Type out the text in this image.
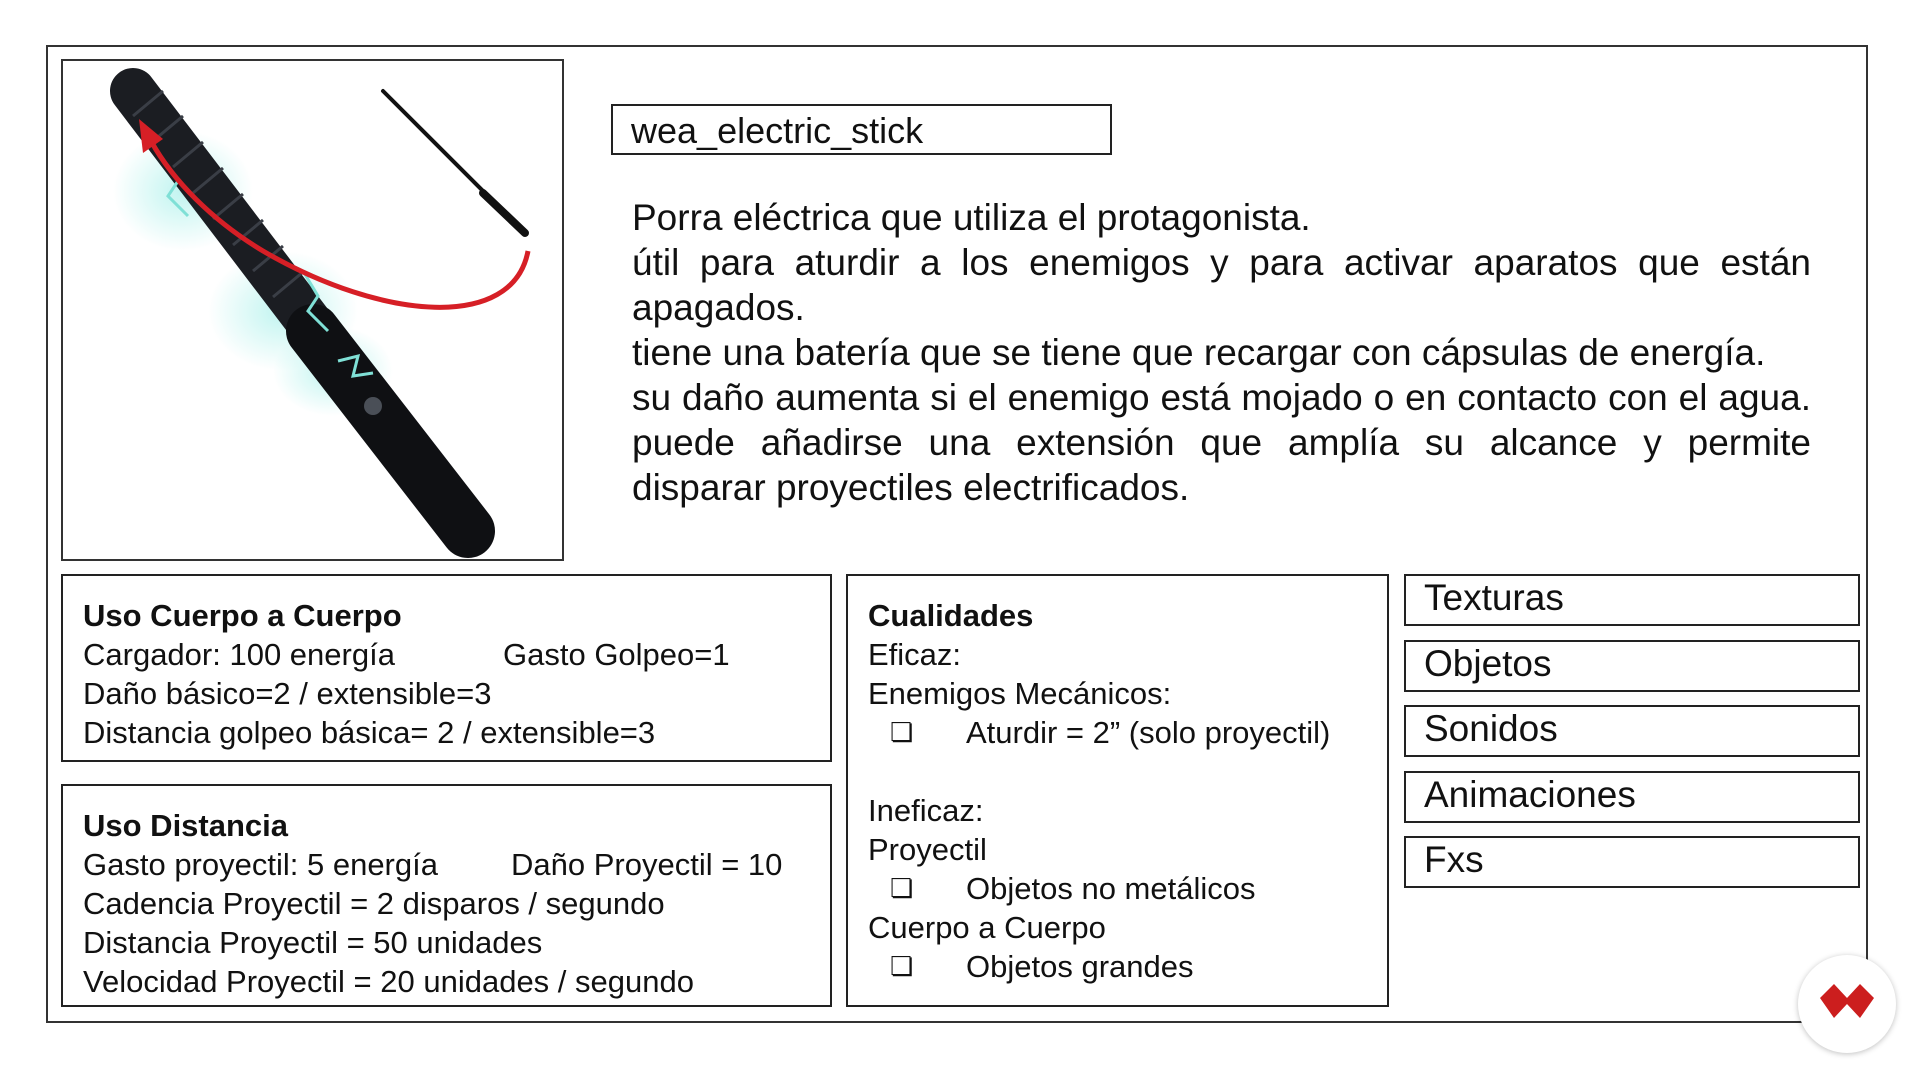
wea_electric_stick

Porra eléctrica que utiliza el protagonista.

útil para aturdir a los enemigos y para activar aparatos que están apagados.

tiene una batería que se tiene que recargar con cápsulas de energía.

su daño aumenta si el enemigo está mojado o en contacto con el agua. puede añadirse una extensión que amplía su alcance y permite disparar proyectiles electrificados.

Uso Cuerpo a Cuerpo
Cargador: 100 energía	Gasto Golpeo=1
Daño básico=2 / extensible=3
Distancia golpeo básica= 2 / extensible=3
Uso Distancia
Gasto proyectil: 5 energía	Daño Proyectil = 10
Cadencia Proyectil = 2 disparos / segundo
Distancia Proyectil = 50 unidades
Velocidad Proyectil = 20 unidades / segundo
Cualidades
Eficaz:
Enemigos Mecánicos:
❏	Aturdir = 2” (solo proyectil)
Ineficaz:
Proyectil
❏	Objetos no metálicos
Cuerpo a Cuerpo
❏	Objetos grandes
Texturas
Objetos
Sonidos
Animaciones
Fxs
